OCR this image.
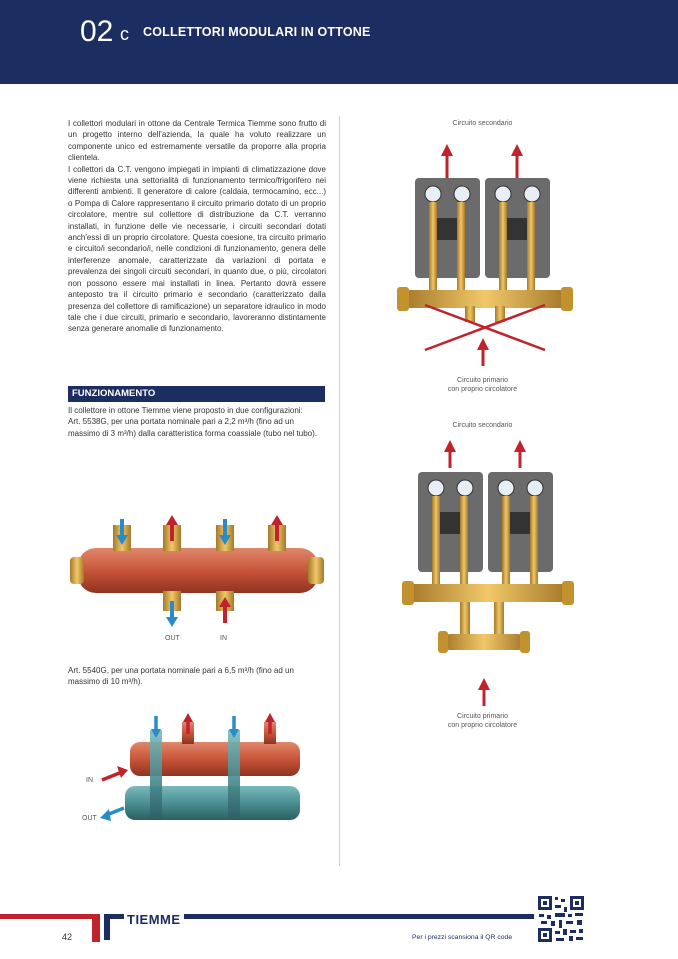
02 c COLLETTORI MODULARI IN OTTONE

I collettori modulari in ottone da Centrale Termica Tiemme sono frutto di un progetto interno dell'azienda, la quale ha voluto realizzare un componente unico ed estremamente versatile da proporre alla propria clientela.

I collettori da C.T. vengono impiegati in impianti di climatizzazione dove viene richiesta una settorialità di funzionamento termico/frigorifero nei differenti ambienti. Il generatore di calore (caldaia, termocamino, ecc...) o Pompa di Calore rappresentano il circuito primario dotato di un proprio circolatore, mentre sul collettore di distribuzione da C.T. verranno installati, in funzione delle vie necessarie, i circuiti secondari dotati anch'essi di un proprio circolatore. Questa coesione, tra circuito primario e circuito/i secondario/i, nelle condizioni di funzionamento, genera delle interferenze anomale, caratterizzate da variazioni di portata e prevalenza dei singoli circuiti secondari, in quanto due, o più, circolatori non possono essere mai installati in linea. Pertanto dovrà essere anteposto tra il circuito primario e secondario (caratterizzato dalla presenza del collettore di ramificazione) un separatore idraulico in modo tale che i due circuiti, primario e secondario, lavoreranno distintamente senza generare anomalie di funzionamento.

FUNZIONAMENTO
Il collettore in ottone Tiemme viene proposto in due configurazioni:
Art. 5538G, per una portata nominale pari a 2,2 m³/h (fino ad un massimo di 3 m³/h) dalla caratteristica forma coassiale (tubo nel tubo).
OUT	IN
Art. 5540G, per una portata nominale pari a 6,5 m³/h (fino ad un massimo di 10 m³/h).
IN
OUT
Circuito secondario
Circuito primario
con proprio circolatore
Circuito secondario
Circuito primario
con proprio circolatore
TIEMME
42	Per i prezzi scansiona il QR code
